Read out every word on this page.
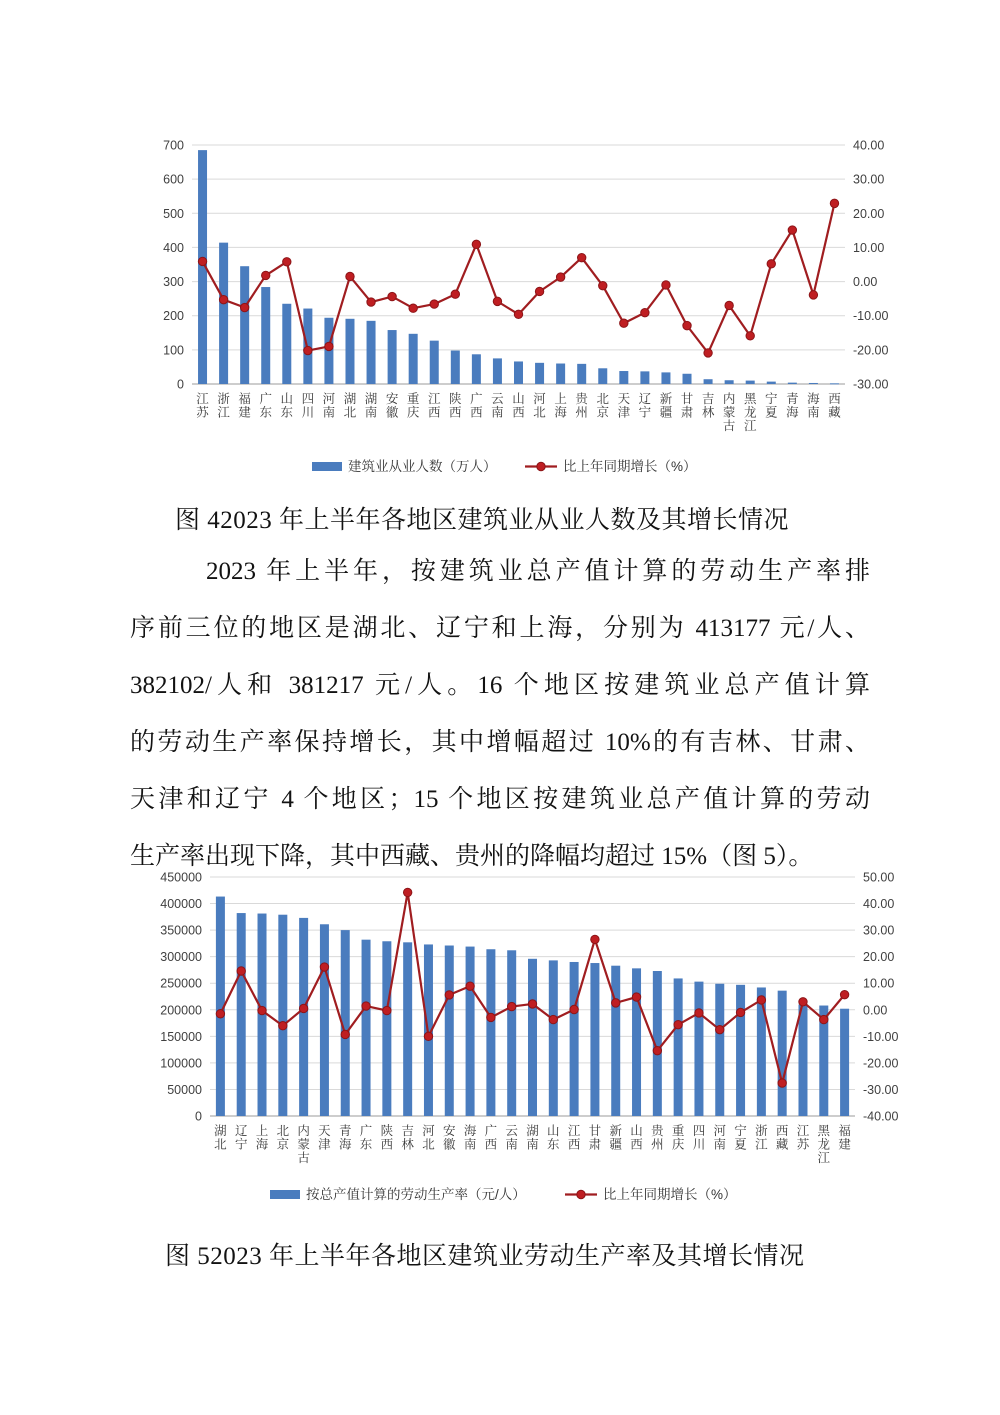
0
100
200
300
400
500
600
700
-30.00
-20.00
-10.00
0.00
10.00
20.00
30.00
40.00
江
苏
浙
江
福
建
广
东
山
东
四
川
河
南
湖
北
湖
南
安
徽
重
庆
江
西
陕
西
广
西
云
南
山
西
河
北
上
海
贵
州
北
京
天
津
辽
宁
新
疆
甘
肃
吉
林
内
蒙
古
黑
龙
江
宁
夏
青
海
海
南
西
藏
建筑业从业人数（万人）	比上年同期增长（%）
图 42023 年上半年各地区建筑业从业人数及其增长情况
2023 年上半年，按建筑业总产值计算的劳动生产率排
序前三位的地区是湖北、辽宁和上海，分别为 413177 元/人、
382102/人和 381217 元/人。16 个地区按建筑业总产值计算
的劳动生产率保持增长，其中增幅超过 10%的有吉林、甘肃、
天津和辽宁 4 个地区；15 个地区按建筑业总产值计算的劳动
生产率出现下降，其中西藏、贵州的降幅均超过 15%（图 5）。
0
50000
100000
150000
200000
250000
300000
350000
400000
450000
-40.00
-30.00
-20.00
-10.00
0.00
10.00
20.00
30.00
40.00
50.00
湖
北
辽
宁
上
海
北
京
内
蒙
古
天
津
青
海
广
东
陕
西
吉
林
河
北
安
徽
海
南
广
西
云
南
湖
南
山
东
江
西
甘
肃
新
疆
山
西
贵
州
重
庆
四
川
河
南
宁
夏
浙
江
西
藏
江
苏
黑
龙
江
福
建
按总产值计算的劳动生产率（元/人）	比上年同期增长（%）
图 52023 年上半年各地区建筑业劳动生产率及其增长情况
